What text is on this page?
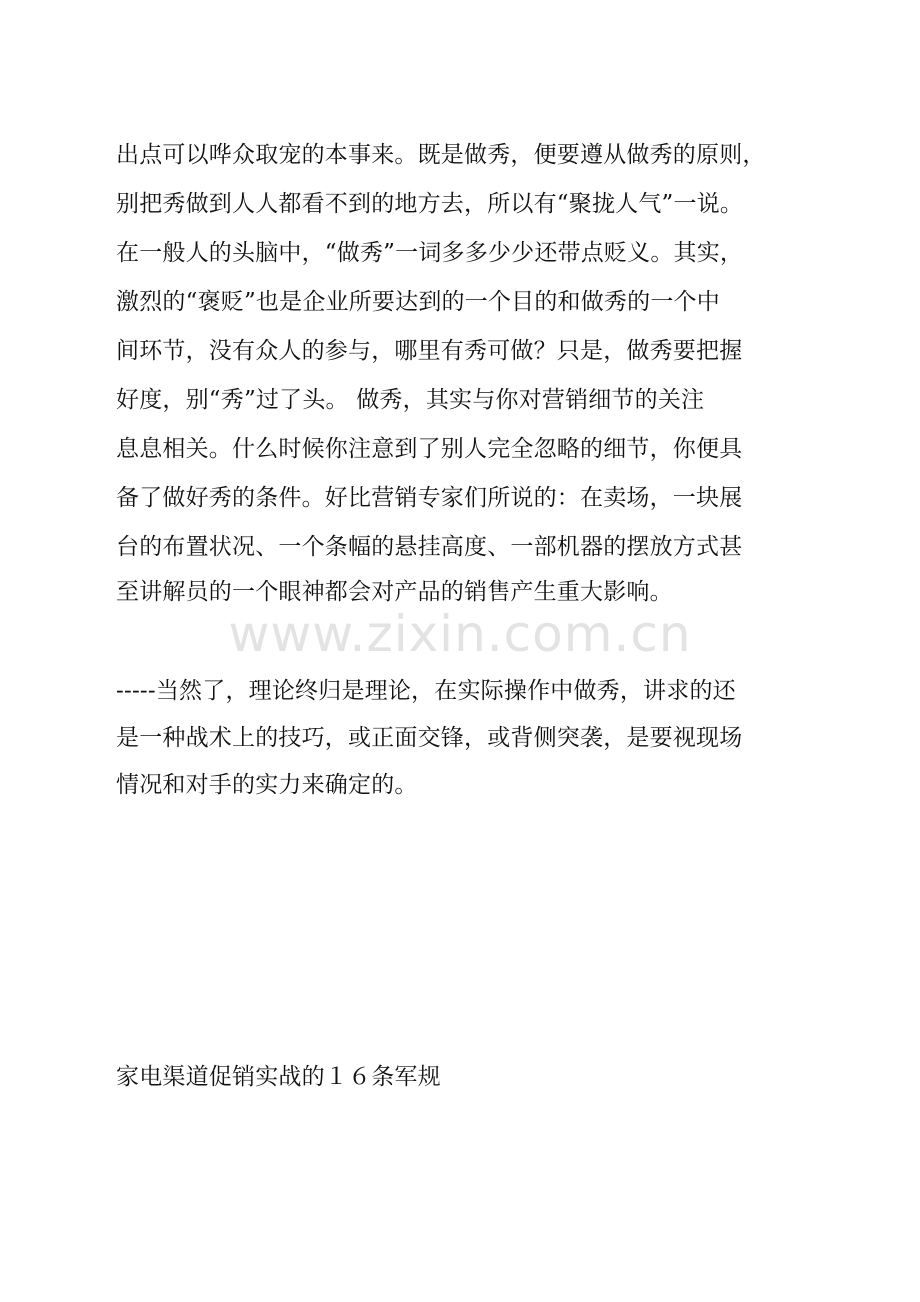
出点可以哗众取宠的本事来。既是做秀，便要遵从做秀的原则，
别把秀做到人人都看不到的地方去，所以有“聚拢人气”一说。
在一般人的头脑中，“做秀”一词多多少少还带点贬义。其实，
激烈的“褒贬”也是企业所要达到的一个目的和做秀的一个中
间环节，没有众人的参与，哪里有秀可做？只是，做秀要把握
好度，别“秀”过了头。 做秀，其实与你对营销细节的关注
息息相关。什么时候你注意到了别人完全忽略的细节，你便具
备了做好秀的条件。好比营销专家们所说的：在卖场，一块展
台的布置状况、一个条幅的悬挂高度、一部机器的摆放方式甚
至讲解员的一个眼神都会对产品的销售产生重大影响。
www.zixin.com.cn
-----当然了，理论终归是理论，在实际操作中做秀，讲求的还
是一种战术上的技巧，或正面交锋，或背侧突袭，是要视现场
情况和对手的实力来确定的。
家电渠道促销实战的１６条军规
